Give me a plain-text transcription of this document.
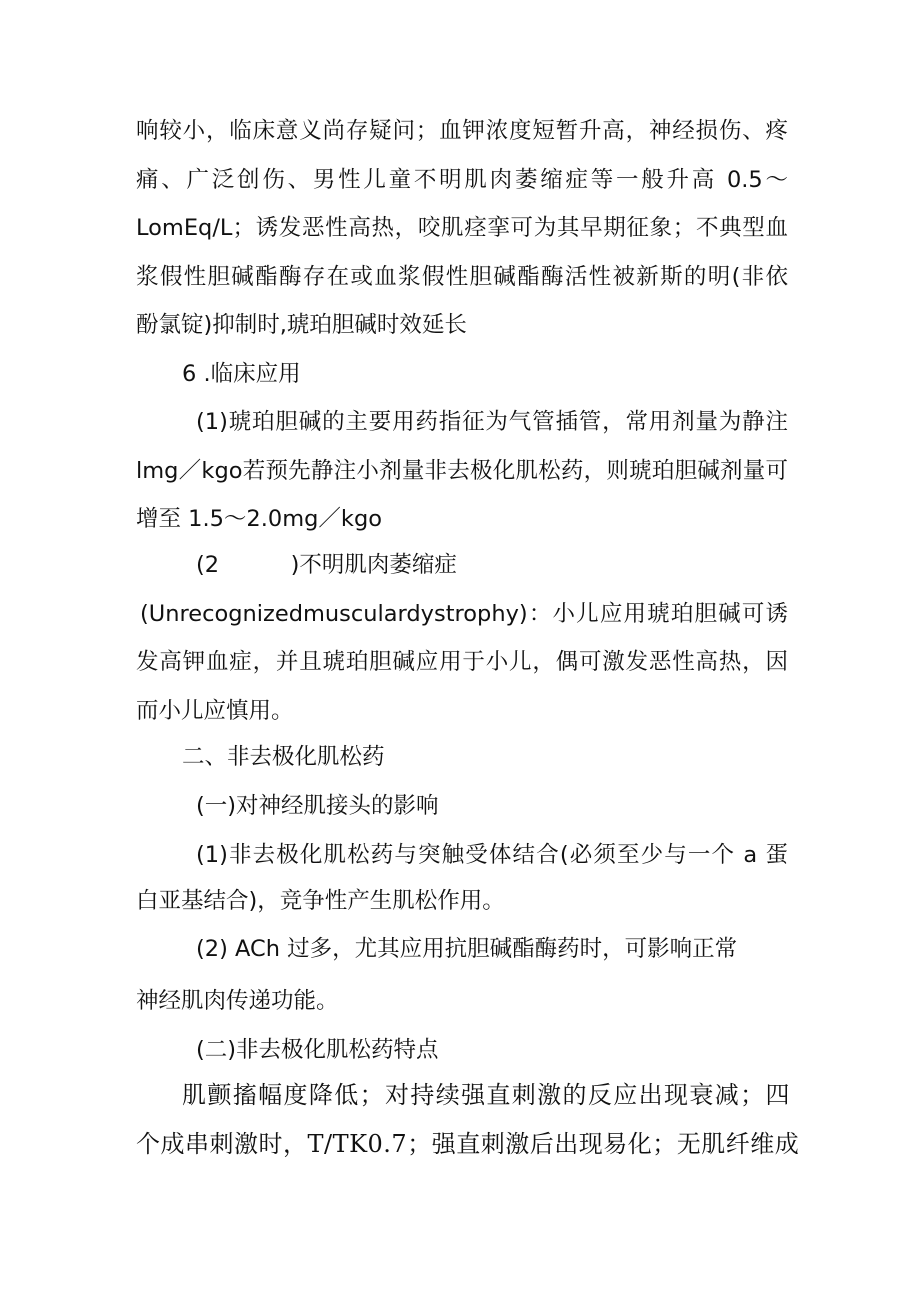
响较小，临床意义尚存疑问；血钾浓度短暂升高，神经损伤、疼

痛、广泛创伤、男性儿童不明肌肉萎缩症等一般升高 0.5～

LomEq/L；诱发恶性高热，咬肌痉挛可为其早期征象；不典型血

浆假性胆碱酯酶存在或血浆假性胆碱酯酶活性被新斯的明(非依

酚氯锭)抑制时,琥珀胆碱时效延长

6 .临床应用

(1)琥珀胆碱的主要用药指征为气管插管，常用剂量为静注

lmg／kgo若预先静注小剂量非去极化肌松药，则琥珀胆碱剂量可

增至 1.5～2.0mg／kgo

(2          )不明肌肉萎缩症

(Unrecognizedmusculardystrophy)：小儿应用琥珀胆碱可诱

发高钾血症，并且琥珀胆碱应用于小儿，偶可激发恶性高热，因

而小儿应慎用。

二、非去极化肌松药

(一)对神经肌接头的影响

(1)非去极化肌松药与突触受体结合(必须至少与一个 a 蛋

白亚基结合)，竞争性产生肌松作用。

(2) ACh 过多，尤其应用抗胆碱酯酶药时，可影响正常

神经肌肉传递功能。

(二)非去极化肌松药特点

肌颤搐幅度降低；对持续强直刺激的反应出现衰减；四

个成串刺激时，T/TK0.7；强直刺激后出现易化；无肌纤维成
